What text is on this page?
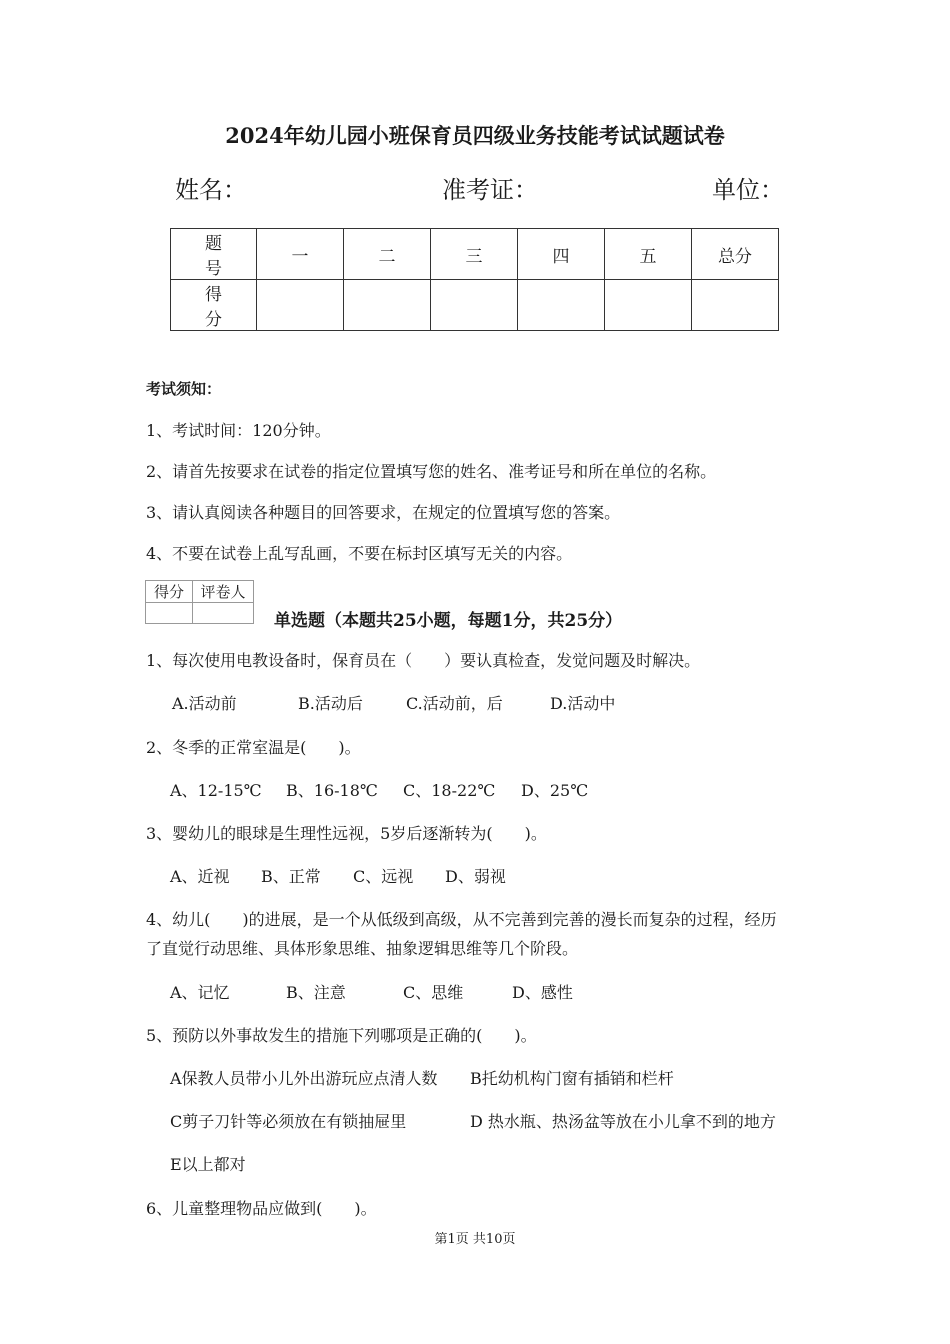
2024年幼儿园小班保育员四级业务技能考试试题试卷
姓名：	准考证：	单位：
题号	一	二	三	四	五	总分
得分						
考试须知：
1、考试时间：120分钟。
2、请首先按要求在试卷的指定位置填写您的姓名、准考证号和所在单位的名称。
3、请认真阅读各种题目的回答要求，在规定的位置填写您的答案。
4、不要在试卷上乱写乱画，不要在标封区填写无关的内容。
得分	评卷人

单选题（本题共25小题，每题1分，共25分）
1、每次使用电教设备时，保育员在（　　）要认真检查，发觉问题及时解决。
A.活动前	B.活动后	C.活动前，后	D.活动中
2、冬季的正常室温是(　　)。
A、12-15℃ B、16-18℃ C、18-22℃ D、25℃
3、婴幼儿的眼球是生理性远视，5岁后逐渐转为(　　)。
A、近视 B、正常 C、远视 D、弱视
4、幼儿(　　)的进展，是一个从低级到高级，从不完善到完善的漫长而复杂的过程，经历
了直觉行动思维、具体形象思维、抽象逻辑思维等几个阶段。
A、记忆	B、注意	C、思维	D、感性
5、预防以外事故发生的措施下列哪项是正确的(　　)。
A保教人员带小儿外出游玩应点清人数 B托幼机构门窗有插销和栏杆
C剪子刀针等必须放在有锁抽屉里	D 热水瓶、热汤盆等放在小儿拿不到的地方
E以上都对
6、儿童整理物品应做到(　　)。
第1页 共10页
